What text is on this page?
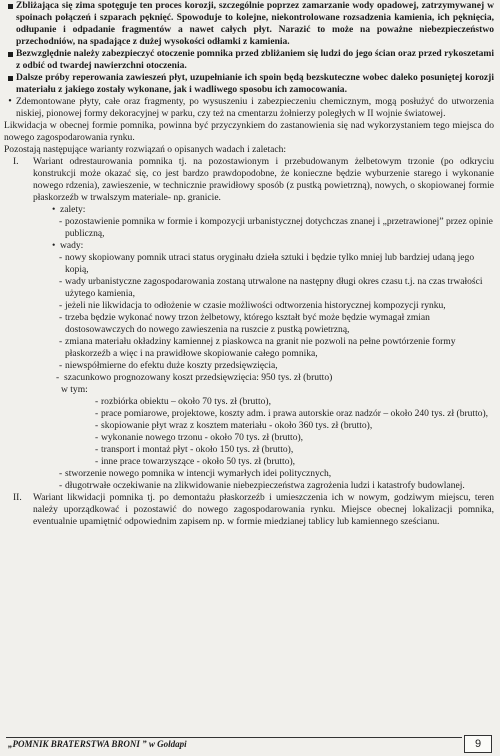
Zbliżająca się zima spotęguje ten proces korozji, szczególnie poprzez zamarzanie wody opadowej, zatrzymywanej w spoinach połączeń i szparach pęknięć. Spowoduje to kolejne, niekontrolowane rozsadzenia kamienia, ich pęknięcia, odłupanie i odpadanie fragmentów a nawet całych płyt. Narazić to może na poważne niebezpieczeństwo przechodniów, na spadające z dużej wysokości odłamki z kamienia.

Bezwzględnie należy zabezpieczyć otoczenie pomnika przed zbliżaniem się ludzi do jego ścian oraz przed rykoszetami z odbić od twardej nawierzchni otoczenia.

Dalsze próby reperowania zawieszeń płyt, uzupełnianie ich spoin będą bezskuteczne wobec daleko posuniętej korozji materiału z jakiego zostały wykonane, jak i wadliwego sposobu ich zamocowania.

• Zdemontowane płyty, całe oraz fragmenty, po wysuszeniu i zabezpieczeniu chemicznym, mogą posłużyć do utworzenia niskiej, pionowej formy dekoracyjnej w parku, czy też na cmentarzu żołnierzy poległych w II wojnie światowej.

Likwidacja w obecnej formie pomnika, powinna być przyczynkiem do zastanowienia się nad wykorzystaniem tego miejsca do nowego zagospodarowania rynku.

Pozostają następujące warianty rozwiązań o opisanych wadach i zaletach:

I.	Wariant odrestaurowania pomnika tj. na pozostawionym i przebudowanym żelbetowym trzonie (po odkryciu konstrukcji może okazać się, co jest bardzo prawdopodobne, że konieczne będzie wyburzenie starego i wykonanie nowego rdzenia), zawieszenie, w technicznie prawidłowy sposób (z pustką powietrzną), nowych, o skopiowanej formie płaskorzeźb w trwalszym materiale- np. granicie.

• zalety:
- pozostawienie pomnika w formie i kompozycji urbanistycznej dotychczas znanej i „przetrawionej” przez opinie publiczną,

• wady:
- nowy skopiowany pomnik utraci status oryginału dzieła sztuki i będzie tylko mniej lub bardziej udaną jego kopią,

- wady urbanistyczne zagospodarowania zostaną utrwalone na następny długi okres czasu t.j. na czas trwałości użytego kamienia,

- jeżeli nie likwidacja to odłożenie w czasie możliwości odtworzenia historycznej kompozycji rynku,

- trzeba będzie wykonać nowy trzon żelbetowy, którego kształt być może będzie wymagał zmian dostosowawczych do nowego zawieszenia na ruszcie z pustką powietrzną,

- zmiana materiału okładziny kamiennej z piaskowca na granit nie pozwoli na pełne powtórzenie formy płaskorzeźb a więc i na prawidłowe skopiowanie całego pomnika,

- niewspółmierne do efektu duże koszty przedsięwzięcia,

- szacunkowo prognozowany koszt przedsięwzięcia: 950 tys. zł (brutto)

w tym:

- rozbiórka obiektu – około 70 tys. zł (brutto),

- prace pomiarowe, projektowe, koszty adm. i prawa autorskie oraz nadzór – około 240 tys. zł (brutto),

- skopiowanie płyt wraz z kosztem materiału - około 360 tys. zł (brutto),

- wykonanie nowego trzonu - około 70 tys. zł (brutto),

- transport i montaż płyt - około 150 tys. zł (brutto),

- inne prace towarzyszące - około 50 tys. zł (brutto),

- stworzenie nowego pomnika w intencji wymarłych idei politycznych,

- długotrwałe oczekiwanie na zlikwidowanie niebezpieczeństwa zagrożenia ludzi i katastrofy budowlanej.

II.	Wariant likwidacji pomnika tj. po demontażu płaskorzeźb i umieszczenia ich w nowym, godziwym miejscu, teren należy uporządkować i pozostawić do nowego zagospodarowania rynku. Miejsce obecnej lokalizacji pomnika, eventualnie upamiętnić odpowiednim zapisem np. w formie miedzianej tablicy lub kamiennego sześcianu.

„POMNIK BRATERSTWA BRONI ” w Goldapi	9
